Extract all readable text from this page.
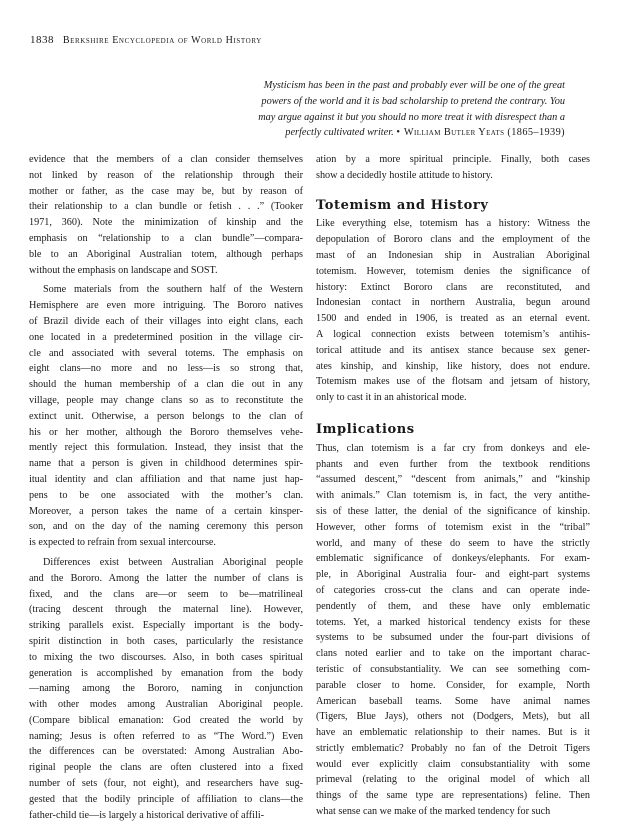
1838 Berkshire Encyclopedia of World History
Mysticism has been in the past and probably ever will be one of the great
powers of the world and it is bad scholarship to pretend the contrary. You
may argue against it but you should no more treat it with disrespect than a
perfectly cultivated writer. • William Butler Yeats (1865–1939)
evidence that the members of a clan consider themselves
not linked by reason of the relationship through their
mother or father, as the case may be, but by reason of
their relationship to a clan bundle or fetish . . .” (Tooker
1971, 360). Note the minimization of kinship and the
emphasis on “relationship to a clan bundle”—compara-
ble to an Aboriginal Australian totem, although perhaps
without the emphasis on landscape and SOST.
Some materials from the southern half of the Western
Hemisphere are even more intriguing. The Bororo natives
of Brazil divide each of their villages into eight clans, each
one located in a predetermined position in the village cir-
cle and associated with several totems. The emphasis on
eight clans—no more and no less—is so strong that,
should the human membership of a clan die out in any
village, people may change clans so as to reconstitute the
extinct unit. Otherwise, a person belongs to the clan of
his or her mother, although the Bororo themselves vehe-
mently reject this formulation. Instead, they insist that the
name that a person is given in childhood determines spir-
itual identity and clan affiliation and that name just hap-
pens to be one associated with the mother’s clan.
Moreover, a person takes the name of a certain kinsper-
son, and on the day of the naming ceremony this person
is expected to refrain from sexual intercourse.
Differences exist between Australian Aboriginal people
and the Bororo. Among the latter the number of clans is
fixed, and the clans are—or seem to be—matrilineal
(tracing descent through the maternal line). However,
striking parallels exist. Especially important is the body-
spirit distinction in both cases, particularly the resistance
to mixing the two discourses. Also, in both cases spiritual
generation is accomplished by emanation from the body
—naming among the Bororo, naming in conjunction
with other modes among Australian Aboriginal people.
(Compare biblical emanation: God created the world by
naming; Jesus is often referred to as “The Word.”) Even
the differences can be overstated: Among Australian Abo-
riginal people the clans are often clustered into a fixed
number of sets (four, not eight), and researchers have sug-
gested that the bodily principle of affiliation to clans—the
father-child tie—is largely a historical derivative of affili-
ation by a more spiritual principle. Finally, both cases
show a decidedly hostile attitude to history.
Totemism and History
Like everything else, totemism has a history: Witness the
depopulation of Bororo clans and the employment of the
mast of an Indonesian ship in Australian Aboriginal
totemism. However, totemism denies the significance of
history: Extinct Bororo clans are reconstituted, and
Indonesian contact in northern Australia, begun around
1500 and ended in 1906, is treated as an eternal event.
A logical connection exists between totemism’s antihis-
torical attitude and its antisex stance because sex gener-
ates kinship, and kinship, like history, does not endure.
Totemism makes use of the flotsam and jetsam of history,
only to cast it in an ahistorical mode.
Implications
Thus, clan totemism is a far cry from donkeys and ele-
phants and even further from the textbook renditions
“assumed descent,” “descent from animals,” and “kinship
with animals.” Clan totemism is, in fact, the very antithe-
sis of these latter, the denial of the significance of kinship.
However, other forms of totemism exist in the “tribal”
world, and many of these do seem to have the strictly
emblematic significance of donkeys/elephants. For exam-
ple, in Aboriginal Australia four- and eight-part systems
of categories cross-cut the clans and can operate inde-
pendently of them, and these have only emblematic
totems. Yet, a marked historical tendency exists for these
systems to be subsumed under the four-part divisions of
clans noted earlier and to take on the important charac-
teristic of consubstantiality. We can see something com-
parable closer to home. Consider, for example, North
American baseball teams. Some have animal names
(Tigers, Blue Jays), others not (Dodgers, Mets), but all
have an emblematic relationship to their names. But is it
strictly emblematic? Probably no fan of the Detroit Tigers
would ever explicitly claim consubstantiality with some
primeval (relating to the original model of which all
things of the same type are representations) feline. Then
what sense can we make of the marked tendency for such
